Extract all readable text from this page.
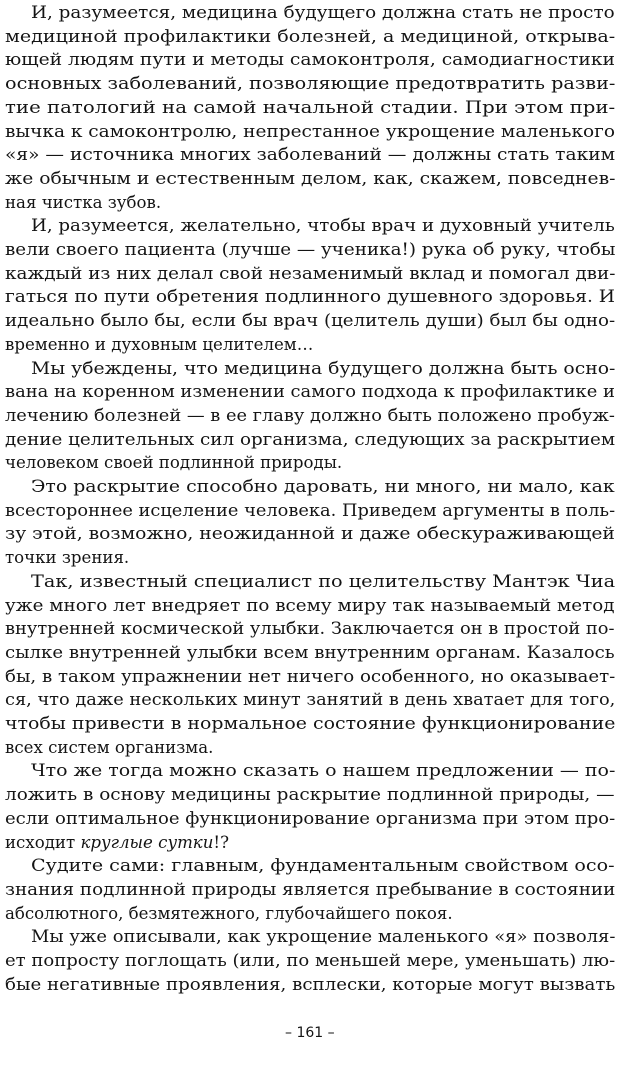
И, разумеется, медицина будущего должна стать не просто
медициной профилактики болезней, а медициной, открыва-
ющей людям пути и методы самоконтроля, самодиагностики
основных заболеваний, позволяющие предотвратить разви-
тие патологий на самой начальной стадии. При этом при-
вычка к самоконтролю, непрестанное укрощение маленького
«я» — источника многих заболеваний — должны стать таким
же обычным и естественным делом, как, скажем, повседнев-
ная чистка зубов.
И, разумеется, желательно, чтобы врач и духовный учитель
вели своего пациента (лучше — ученика!) рука об руку, чтобы
каждый из них делал свой незаменимый вклад и помогал дви-
гаться по пути обретения подлинного душевного здоровья. И
идеально было бы, если бы врач (целитель души) был бы одно-
временно и духовным целителем…
Мы убеждены, что медицина будущего должна быть осно-
вана на коренном изменении самого подхода к профилактике и
лечению болезней — в ее главу должно быть положено пробуж-
дение целительных сил организма, следующих за раскрытием
человеком своей подлинной природы.
Это раскрытие способно даровать, ни много, ни мало, как
всестороннее исцеление человека. Приведем аргументы в поль-
зу этой, возможно, неожиданной и даже обескураживающей
точки зрения.
Так, известный специалист по целительству Мантэк Чиа
уже много лет внедряет по всему миру так называемый метод
внутренней космической улыбки. Заключается он в простой по-
сылке внутренней улыбки всем внутренним органам. Казалось
бы, в таком упражнении нет ничего особенного, но оказывает-
ся, что даже нескольких минут занятий в день хватает для того,
чтобы привести в нормальное состояние функционирование
всех систем организма.
Что же тогда можно сказать о нашем предложении — по-
ложить в основу медицины раскрытие подлинной природы, —
если оптимальное функционирование организма при этом про-
исходит круглые сутки!?
Судите сами: главным, фундаментальным свойством осо-
знания подлинной природы является пребывание в состоянии
абсолютного, безмятежного, глубочайшего покоя.
Мы уже описывали, как укрощение маленького «я» позволя-
ет попросту поглощать (или, по меньшей мере, уменьшать) лю-
бые негативные проявления, всплески, которые могут вызвать
– 161 –
